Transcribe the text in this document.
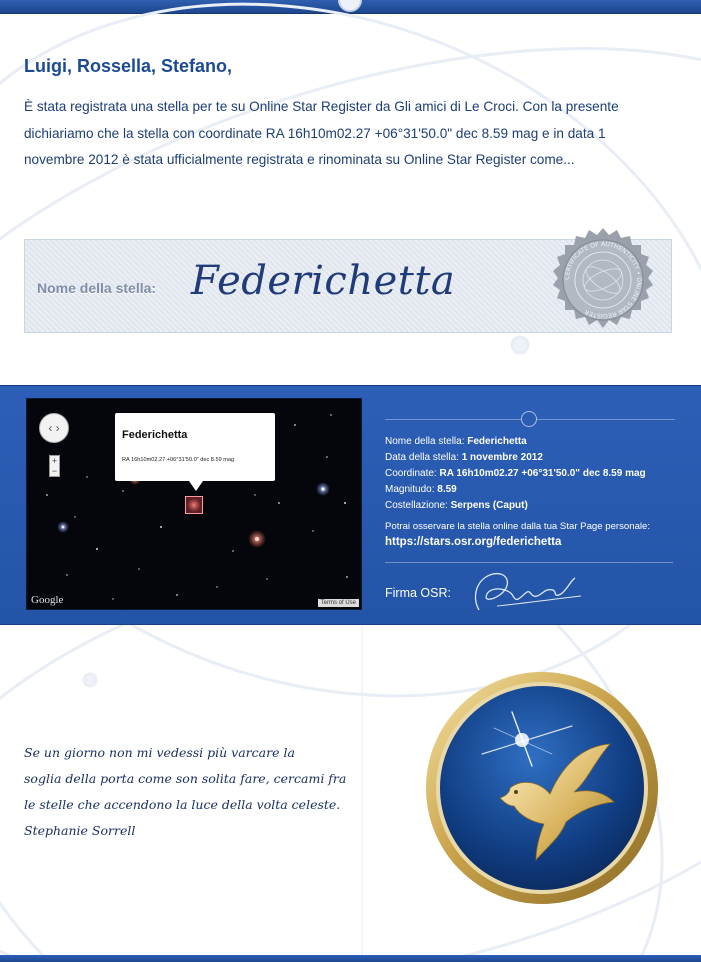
Luigi, Rossella, Stefano,

È stata registrata una stella per te su Online Star Register da Gli amici di Le Croci. Con la presente dichiariamo che la stella con coordinate RA 16h10m02.27 +06°31'50.0" dec 8.59 mag e in data 1 novembre 2012 è stata ufficialmente registrata e rinominata su Online Star Register come...

Nome della stella: Federichetta	CERTIFICATE OF AUTHENTICITY • ONLINE STAR REGISTER
‹ ›
+
−
Federichetta
RA 16h10m02.27 +06°31'50.0" dec 8.59 mag
Google	Terms of Use
Nome della stella: Federichetta
Data della stella: 1 novembre 2012
Coordinate: RA 16h10m02.27 +06°31'50.0" dec 8.59 mag
Magnitudo: 8.59
Costellazione: Serpens (Caput)
Potrai osservare la stella online dalla tua Star Page personale:
https://stars.osr.org/federichetta
Firma OSR:
Se un giorno non mi vedessi più varcare la
soglia della porta come son solita fare, cercami fra
le stelle che accendono la luce della volta celeste.
Stephanie Sorrell
